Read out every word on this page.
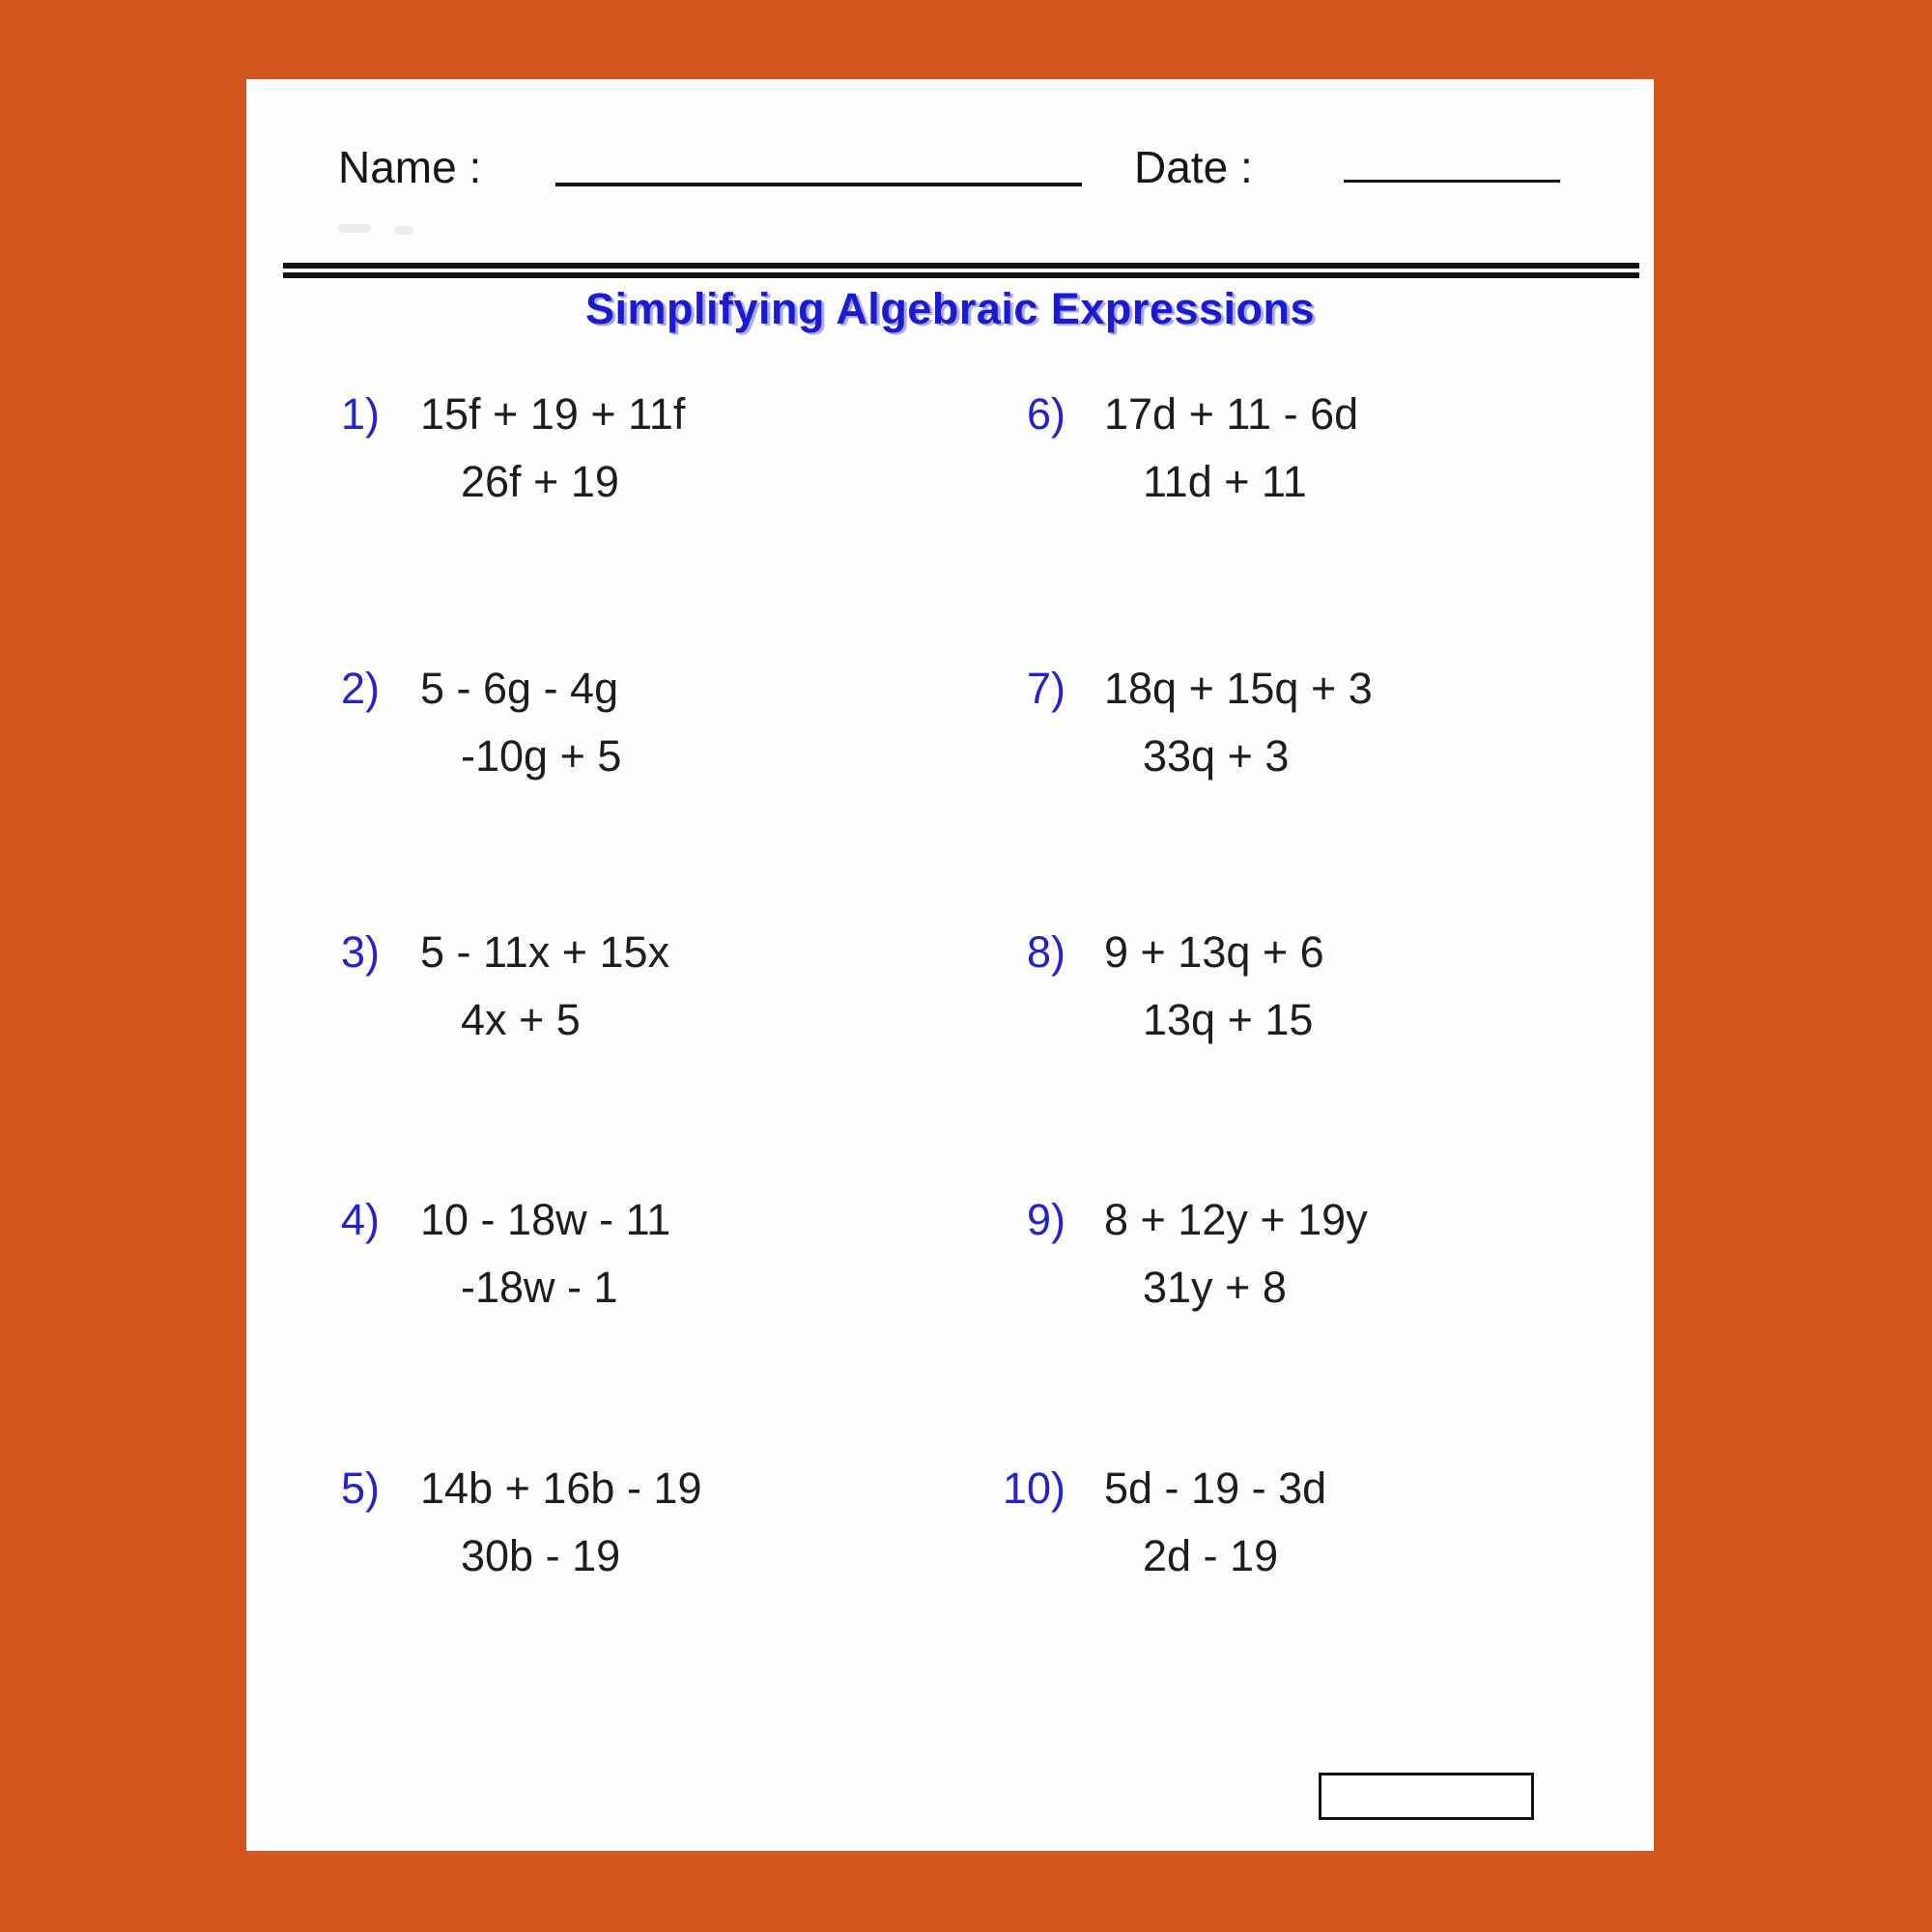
Name :	Date :
Simplifying Algebraic Expressions
1) 15f + 19 + 11f
26f + 19
2) 5 - 6g - 4g
-10g + 5
3) 5 - 11x + 15x
4x + 5
4) 10 - 18w - 11
-18w - 1
5) 14b + 16b - 19
30b - 19
6) 17d + 11 - 6d
11d + 11
7) 18q + 15q + 3
33q + 3
8) 9 + 13q + 6
13q + 15
9) 8 + 12y + 19y
31y + 8
10) 5d - 19 - 3d
2d - 19
